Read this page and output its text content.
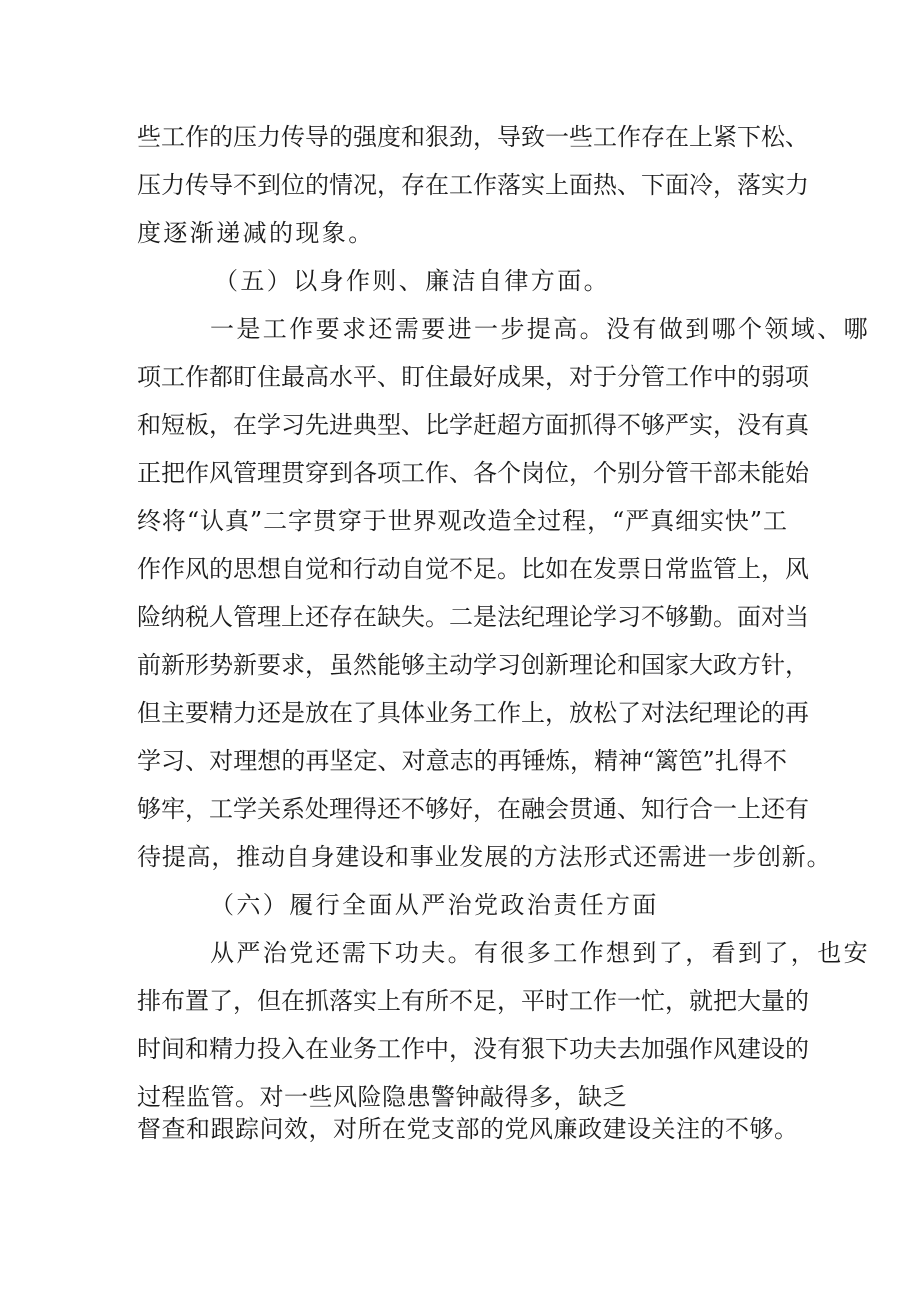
些工作的压力传导的强度和狠劲，导致一些工作存在上紧下松、
压力传导不到位的情况，存在工作落实上面热、下面冷，落实力
度逐渐递减的现象。
（五）以身作则、廉洁自律方面。
一是工作要求还需要进一步提高。没有做到哪个领域、哪
项工作都盯住最高水平、盯住最好成果，对于分管工作中的弱项
和短板，在学习先进典型、比学赶超方面抓得不够严实，没有真
正把作风管理贯穿到各项工作、各个岗位，个别分管干部未能始
终将“认真”二字贯穿于世界观改造全过程，“严真细实快”工
作作风的思想自觉和行动自觉不足。比如在发票日常监管上，风
险纳税人管理上还存在缺失。二是法纪理论学习不够勤。面对当
前新形势新要求，虽然能够主动学习创新理论和国家大政方针，
但主要精力还是放在了具体业务工作上，放松了对法纪理论的再
学习、对理想的再坚定、对意志的再锤炼，精神“篱笆”扎得不
够牢，工学关系处理得还不够好，在融会贯通、知行合一上还有
待提高，推动自身建设和事业发展的方法形式还需进一步创新。
（六）履行全面从严治党政治责任方面
从严治党还需下功夫。有很多工作想到了，看到了，也安
排布置了，但在抓落实上有所不足，平时工作一忙，就把大量的
时间和精力投入在业务工作中，没有狠下功夫去加强作风建设的
过程监管。对一些风险隐患警钟敲得多，缺乏
督查和跟踪问效，对所在党支部的党风廉政建设关注的不够。
